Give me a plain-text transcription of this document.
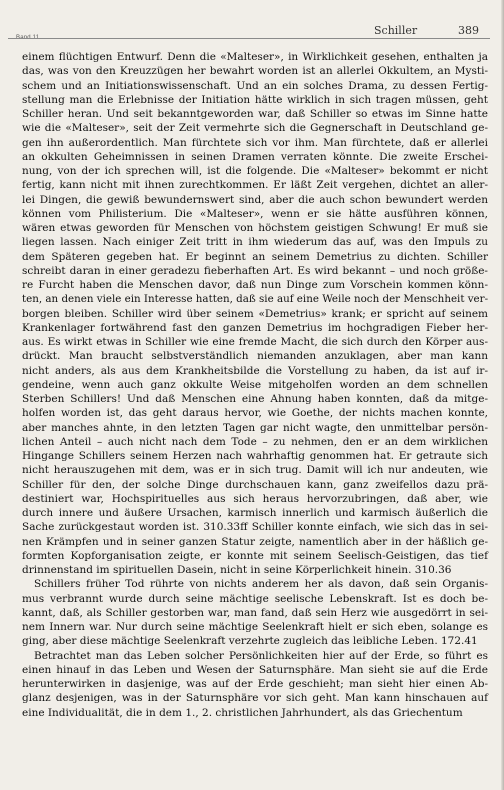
Band 11
Schiller	389
einem flüchtigen Entwurf. Denn die «Malteser», in Wirklichkeit gesehen, enthalten ja
das, was von den Kreuzzügen her bewahrt worden ist an allerlei Okkultem, an Mysti-
schem und an Initiationswissenschaft. Und an ein solches Drama, zu dessen Fertig-
stellung man die Erlebnisse der Initiation hätte wirklich in sich tragen müssen, geht
Schiller heran. Und seit bekanntgeworden war, daß Schiller so etwas im Sinne hatte
wie die «Malteser», seit der Zeit vermehrte sich die Gegnerschaft in Deutschland ge-
gen ihn außerordentlich. Man fürchtete sich vor ihm. Man fürchtete, daß er allerlei
an okkulten Geheimnissen in seinen Dramen verraten könnte. Die zweite Erschei-
nung, von der ich sprechen will, ist die folgende. Die «Malteser» bekommt er nicht
fertig, kann nicht mit ihnen zurechtkommen. Er läßt Zeit vergehen, dichtet an aller-
lei Dingen, die gewiß bewundernswert sind, aber die auch schon bewundert werden
können vom Philisterium. Die «Malteser», wenn er sie hätte ausführen können,
wären etwas geworden für Menschen von höchstem geistigen Schwung! Er muß sie
liegen lassen. Nach einiger Zeit tritt in ihm wiederum das auf, was den Impuls zu
dem Späteren gegeben hat. Er beginnt an seinem Demetrius zu dichten. Schiller
schreibt daran in einer geradezu fieberhaften Art. Es wird bekannt – und noch größe-
re Furcht haben die Menschen davor, daß nun Dinge zum Vorschein kommen könn-
ten, an denen viele ein Interesse hatten, daß sie auf eine Weile noch der Menschheit ver-
borgen bleiben. Schiller wird über seinem «Demetrius» krank; er spricht auf seinem
Krankenlager fortwährend fast den ganzen Demetrius im hochgradigen Fieber her-
aus. Es wirkt etwas in Schiller wie eine fremde Macht, die sich durch den Körper aus-
drückt. Man braucht selbstverständlich niemanden anzuklagen, aber man kann
nicht anders, als aus dem Krankheitsbilde die Vorstellung zu haben, da ist auf ir-
gendeine, wenn auch ganz okkulte Weise mitgeholfen worden an dem schnellen
Sterben Schillers! Und daß Menschen eine Ahnung haben konnten, daß da mitge-
holfen worden ist, das geht daraus hervor, wie Goethe, der nichts machen konnte,
aber manches ahnte, in den letzten Tagen gar nicht wagte, den unmittelbar persön-
lichen Anteil – auch nicht nach dem Tode – zu nehmen, den er an dem wirklichen
Hingange Schillers seinem Herzen nach wahrhaftig genommen hat. Er getraute sich
nicht herauszugehen mit dem, was er in sich trug. Damit will ich nur andeuten, wie
Schiller für den, der solche Dinge durchschauen kann, ganz zweifellos dazu prä-
destiniert war, Hochspirituelles aus sich heraus hervorzubringen, daß aber, wie
durch innere und äußere Ursachen, karmisch innerlich und karmisch äußerlich die
Sache zurückgestaut worden ist. 310.33ff Schiller konnte einfach, wie sich das in sei-
nen Krämpfen und in seiner ganzen Statur zeigte, namentlich aber in der häßlich ge-
formten Kopforganisation zeigte, er konnte mit seinem Seelisch-Geistigen, das tief
drinnenstand im spirituellen Dasein, nicht in seine Körperlichkeit hinein. 310.36
Schillers früher Tod rührte von nichts anderem her als davon, daß sein Organis-
mus verbrannt wurde durch seine mächtige seelische Lebenskraft. Ist es doch be-
kannt, daß, als Schiller gestorben war, man fand, daß sein Herz wie ausgedörrt in sei-
nem Innern war. Nur durch seine mächtige Seelenkraft hielt er sich eben, solange es
ging, aber diese mächtige Seelenkraft verzehrte zugleich das leibliche Leben. 172.41
Betrachtet man das Leben solcher Persönlichkeiten hier auf der Erde, so führt es
einen hinauf in das Leben und Wesen der Saturnsphäre. Man sieht sie auf die Erde
herunterwirken in dasjenige, was auf der Erde geschieht; man sieht hier einen Ab-
glanz desjenigen, was in der Saturnsphäre vor sich geht. Man kann hinschauen auf
eine Individualität, die in dem 1., 2. christlichen Jahrhundert, als das Griechentum
